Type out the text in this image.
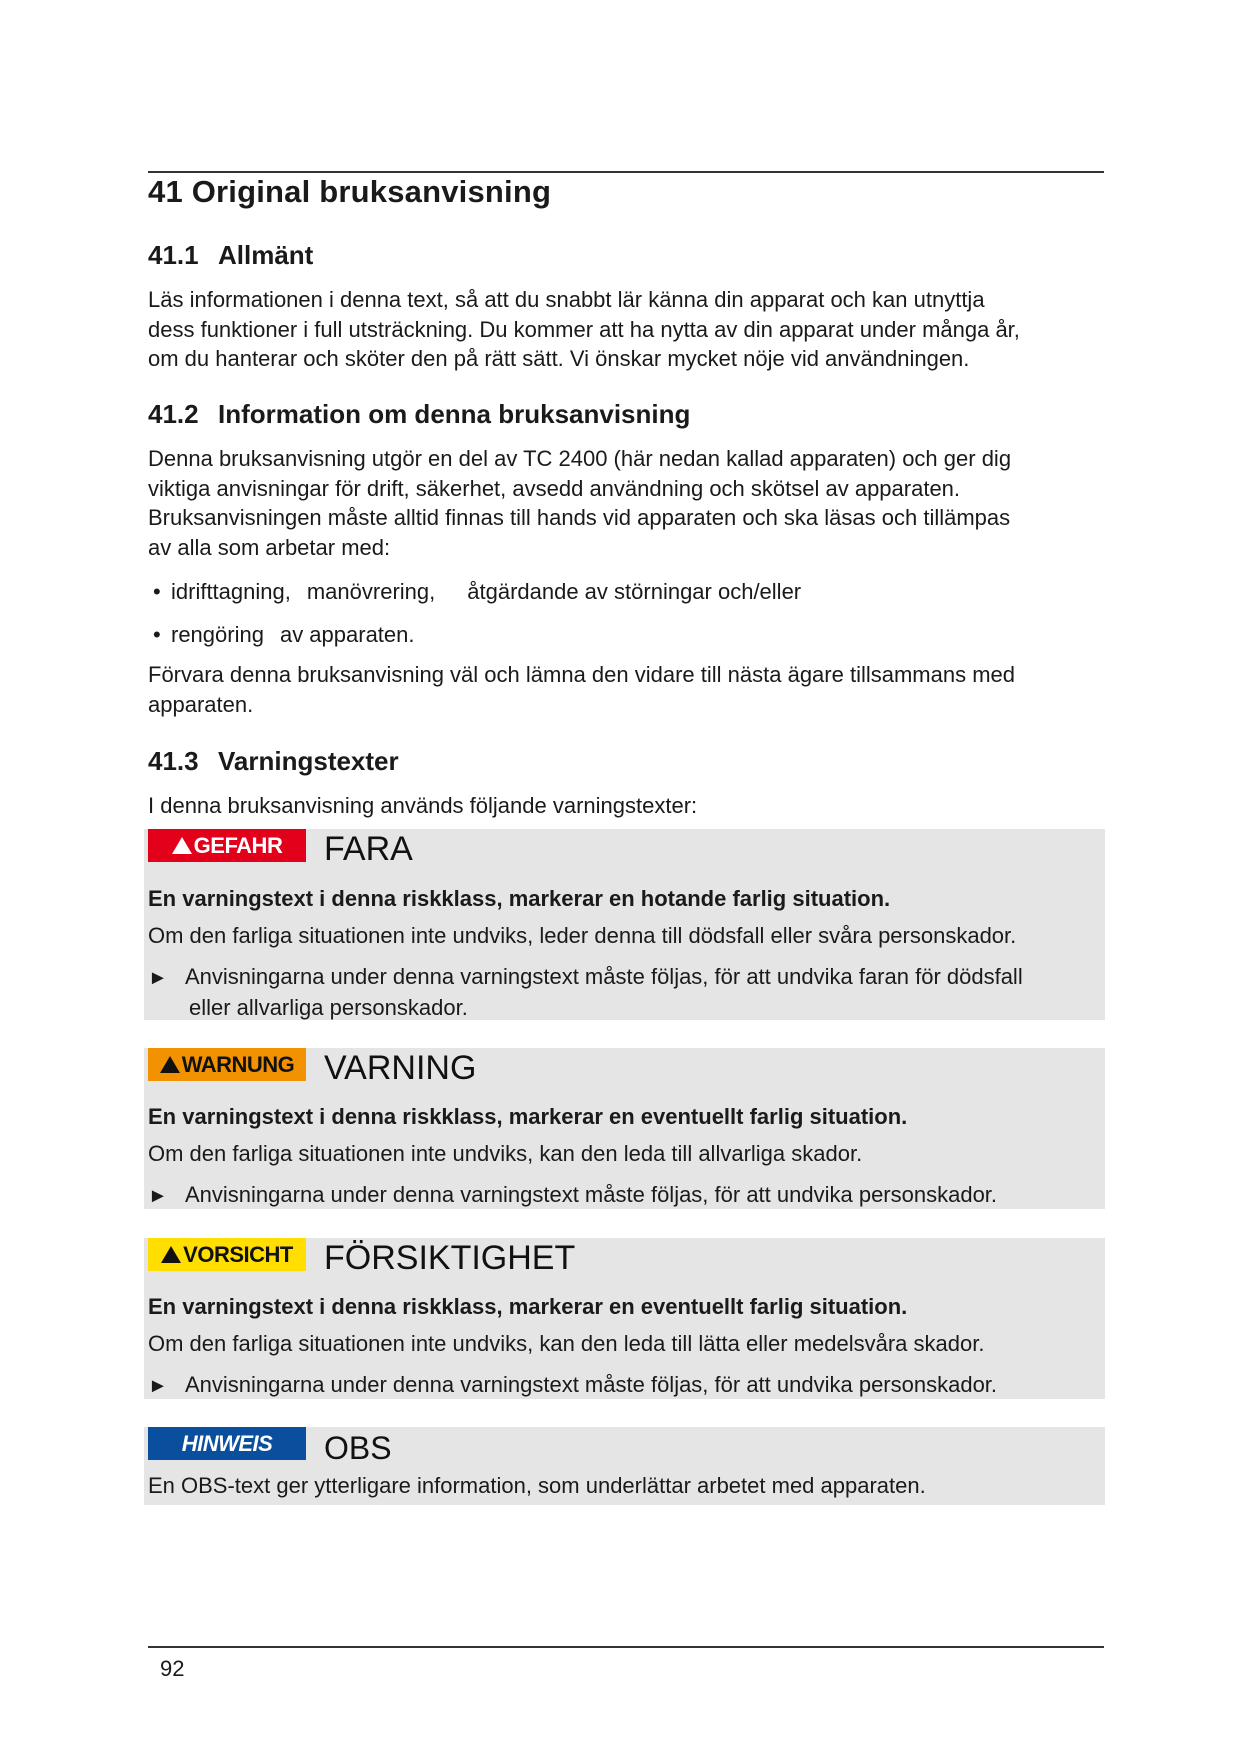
41 Original bruksanvisning
41.1 Allmänt
Läs informationen i denna text, så att du snabbt lär känna din apparat och kan utnyttja
dess funktioner i full utsträckning. Du kommer att ha nytta av din apparat under många år,
om du hanterar och sköter den på rätt sätt. Vi önskar mycket nöje vid användningen.
41.2 Information om denna bruksanvisning
Denna bruksanvisning utgör en del av TC 2400 (här nedan kallad apparaten) och ger dig
viktiga anvisningar för drift, säkerhet, avsedd användning och skötsel av apparaten.
Bruksanvisningen måste alltid finnas till hands vid apparaten och ska läsas och tillämpas
av alla som arbetar med:
• idrifttagning, manövrering, åtgärdande av störningar och/eller
• rengöring av apparaten.
Förvara denna bruksanvisning väl och lämna den vidare till nästa ägare tillsammans med
apparaten.
41.3 Varningstexter
I denna bruksanvisning används följande varningstexter:
GEFAHR	FARA
En varningstext i denna riskklass, markerar en hotande farlig situation.
Om den farliga situationen inte undviks, leder denna till dödsfall eller svåra personskador.
► Anvisningarna under denna varningstext måste följas, för att undvika faran för dödsfall
eller allvarliga personskador.
WARNUNG VARNING
En varningstext i denna riskklass, markerar en eventuellt farlig situation.
Om den farliga situationen inte undviks, kan den leda till allvarliga skador.
► Anvisningarna under denna varningstext måste följas, för att undvika personskador.
VORSICHT FÖRSIKTIGHET
En varningstext i denna riskklass, markerar en eventuellt farlig situation.
Om den farliga situationen inte undviks, kan den leda till lätta eller medelsvåra skador.
► Anvisningarna under denna varningstext måste följas, för att undvika personskador.
HINWEIS	OBS
En OBS-text ger ytterligare information, som underlättar arbetet med apparaten.
92
